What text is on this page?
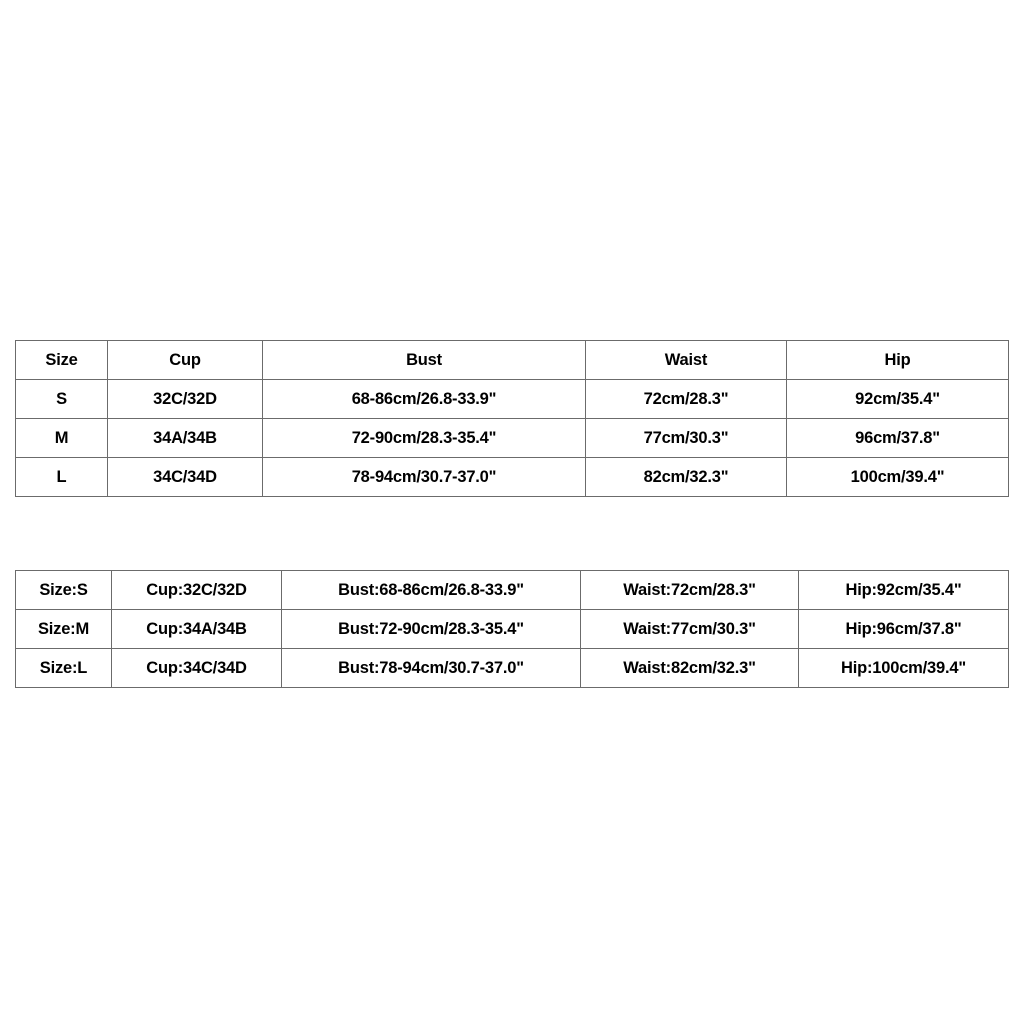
Size	Cup	Bust	Waist	Hip
S	32C/32D	68-86cm/26.8-33.9"	72cm/28.3"	92cm/35.4"
M	34A/34B	72-90cm/28.3-35.4"	77cm/30.3"	96cm/37.8"
L	34C/34D	78-94cm/30.7-37.0"	82cm/32.3"	100cm/39.4"
Size:S	Cup:32C/32D	Bust:68-86cm/26.8-33.9"	Waist:72cm/28.3"	Hip:92cm/35.4"
Size:M	Cup:34A/34B	Bust:72-90cm/28.3-35.4"	Waist:77cm/30.3"	Hip:96cm/37.8"
Size:L	Cup:34C/34D	Bust:78-94cm/30.7-37.0"	Waist:82cm/32.3"	Hip:100cm/39.4"
